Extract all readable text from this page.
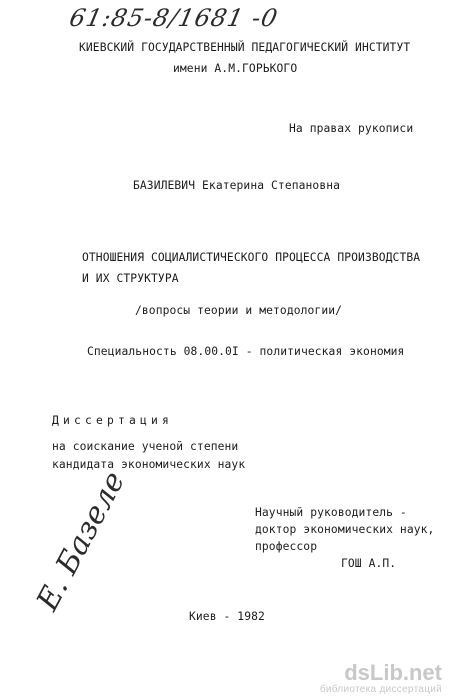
61:85-8/1681 -0
КИЕВСКИЙ ГОСУДАРСТВЕННЫЙ ПЕДАГОГИЧЕСКИЙ ИНСТИТУТ
имени А.М.ГОРЬКОГО
На правах рукописи
БАЗИЛЕВИЧ Екатерина Степановна
ОТНОШЕНИЯ СОЦИАЛИСТИЧЕСКОГО ПРОЦЕССА ПРОИЗВОДСТВА
И ИХ СТРУКТУРА
/вопросы теории и методологии/
Специальность 08.00.0I - политическая экономия
Диссертация
на соискание ученой степени
кандидата экономических наук
Научный руководитель -
доктор экономических наук,
профессор
ГОШ А.П.
Е. Базеле
Киев - 1982
dsLib.net
библиотека диссертаций
